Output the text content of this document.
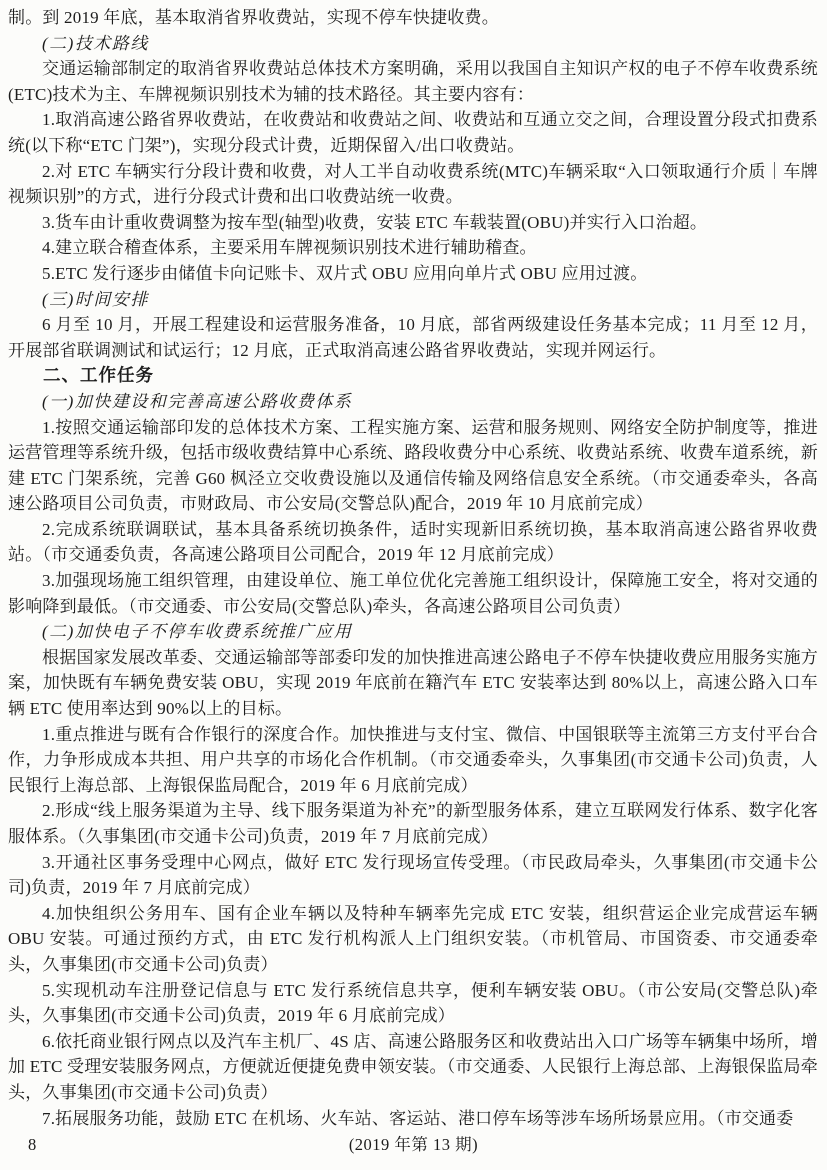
制。到 2019 年底，基本取消省界收费站，实现不停车快捷收费。

(二)技术路线

交通运输部制定的取消省界收费站总体技术方案明确，采用以我国自主知识产权的电子不停车收费系统(ETC)技术为主、车牌视频识别技术为辅的技术路径。其主要内容有：

1.取消高速公路省界收费站，在收费站和收费站之间、收费站和互通立交之间，合理设置分段式扣费系统(以下称“ETC 门架”)，实现分段式计费，近期保留入/出口收费站。

2.对 ETC 车辆实行分段计费和收费，对人工半自动收费系统(MTC)车辆采取“入口领取通行介质｜车牌视频识别”的方式，进行分段式计费和出口收费站统一收费。

3.货车由计重收费调整为按车型(轴型)收费，安装 ETC 车载装置(OBU)并实行入口治超。

4.建立联合稽查体系，主要采用车牌视频识别技术进行辅助稽查。

5.ETC 发行逐步由储值卡向记账卡、双片式 OBU 应用向单片式 OBU 应用过渡。

(三)时间安排

6 月至 10 月，开展工程建设和运营服务准备，10 月底，部省两级建设任务基本完成；11 月至 12 月，开展部省联调测试和试运行；12 月底，正式取消高速公路省界收费站，实现并网运行。

二、工作任务

(一)加快建设和完善高速公路收费体系

1.按照交通运输部印发的总体技术方案、工程实施方案、运营和服务规则、网络安全防护制度等，推进运营管理等系统升级，包括市级收费结算中心系统、路段收费分中心系统、收费站系统、收费车道系统，新建 ETC 门架系统，完善 G60 枫泾立交收费设施以及通信传输及网络信息安全系统。（市交通委牵头，各高速公路项目公司负责，市财政局、市公安局(交警总队)配合，2019 年 10 月底前完成）

2.完成系统联调联试，基本具备系统切换条件，适时实现新旧系统切换，基本取消高速公路省界收费站。（市交通委负责，各高速公路项目公司配合，2019 年 12 月底前完成）

3.加强现场施工组织管理，由建设单位、施工单位优化完善施工组织设计，保障施工安全，将对交通的影响降到最低。（市交通委、市公安局(交警总队)牵头，各高速公路项目公司负责）

(二)加快电子不停车收费系统推广应用

根据国家发展改革委、交通运输部等部委印发的加快推进高速公路电子不停车快捷收费应用服务实施方案，加快既有车辆免费安装 OBU，实现 2019 年底前在籍汽车 ETC 安装率达到 80%以上，高速公路入口车辆 ETC 使用率达到 90%以上的目标。

1.重点推进与既有合作银行的深度合作。加快推进与支付宝、微信、中国银联等主流第三方支付平台合作，力争形成成本共担、用户共享的市场化合作机制。（市交通委牵头，久事集团(市交通卡公司)负责，人民银行上海总部、上海银保监局配合，2019 年 6 月底前完成）

2.形成“线上服务渠道为主导、线下服务渠道为补充”的新型服务体系，建立互联网发行体系、数字化客服体系。（久事集团(市交通卡公司)负责，2019 年 7 月底前完成）

3.开通社区事务受理中心网点，做好 ETC 发行现场宣传受理。（市民政局牵头，久事集团(市交通卡公司)负责，2019 年 7 月底前完成）

4.加快组织公务用车、国有企业车辆以及特种车辆率先完成 ETC 安装，组织营运企业完成营运车辆 OBU 安装。可通过预约方式，由 ETC 发行机构派人上门组织安装。（市机管局、市国资委、市交通委牵头，久事集团(市交通卡公司)负责）

5.实现机动车注册登记信息与 ETC 发行系统信息共享，便利车辆安装 OBU。（市公安局(交警总队)牵头，久事集团(市交通卡公司)负责，2019 年 6 月底前完成）

6.依托商业银行网点以及汽车主机厂、4S 店、高速公路服务区和收费站出入口广场等车辆集中场所，增加 ETC 受理安装服务网点，方便就近便捷免费申领安装。（市交通委、人民银行上海总部、上海银保监局牵头，久事集团(市交通卡公司)负责）

7.拓展服务功能，鼓励 ETC 在机场、火车站、客运站、港口停车场等涉车场所场景应用。（市交通委

8	(2019 年第 13 期)
